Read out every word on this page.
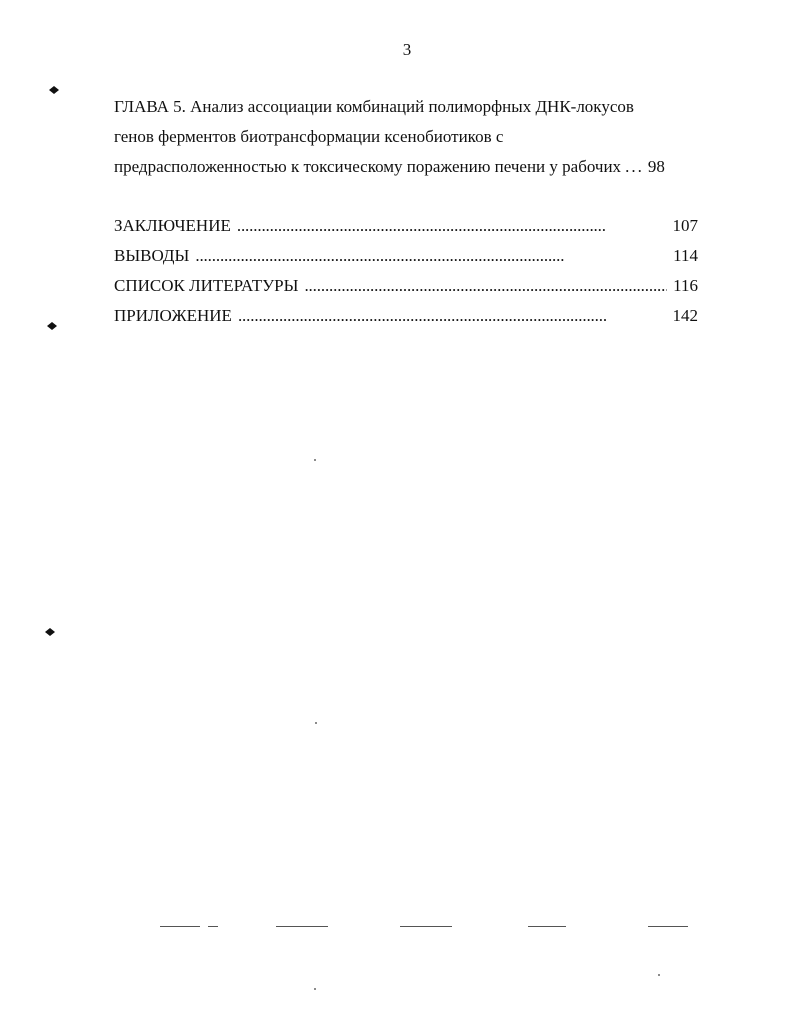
3
ГЛАВА 5. Анализ ассоциации комбинаций полиморфных ДНК-локусов
генов ферментов биотрансформации ксенобиотиков с
предрасположенностью к токсическому поражению печени у рабочих ... 98
ЗАКЛЮЧЕНИЕ . . .	107
ВЫВОДЫ . . .	114
СПИСОК ЛИТЕРАТУРЫ . . .	116
ПРИЛОЖЕНИЕ . . .	142
